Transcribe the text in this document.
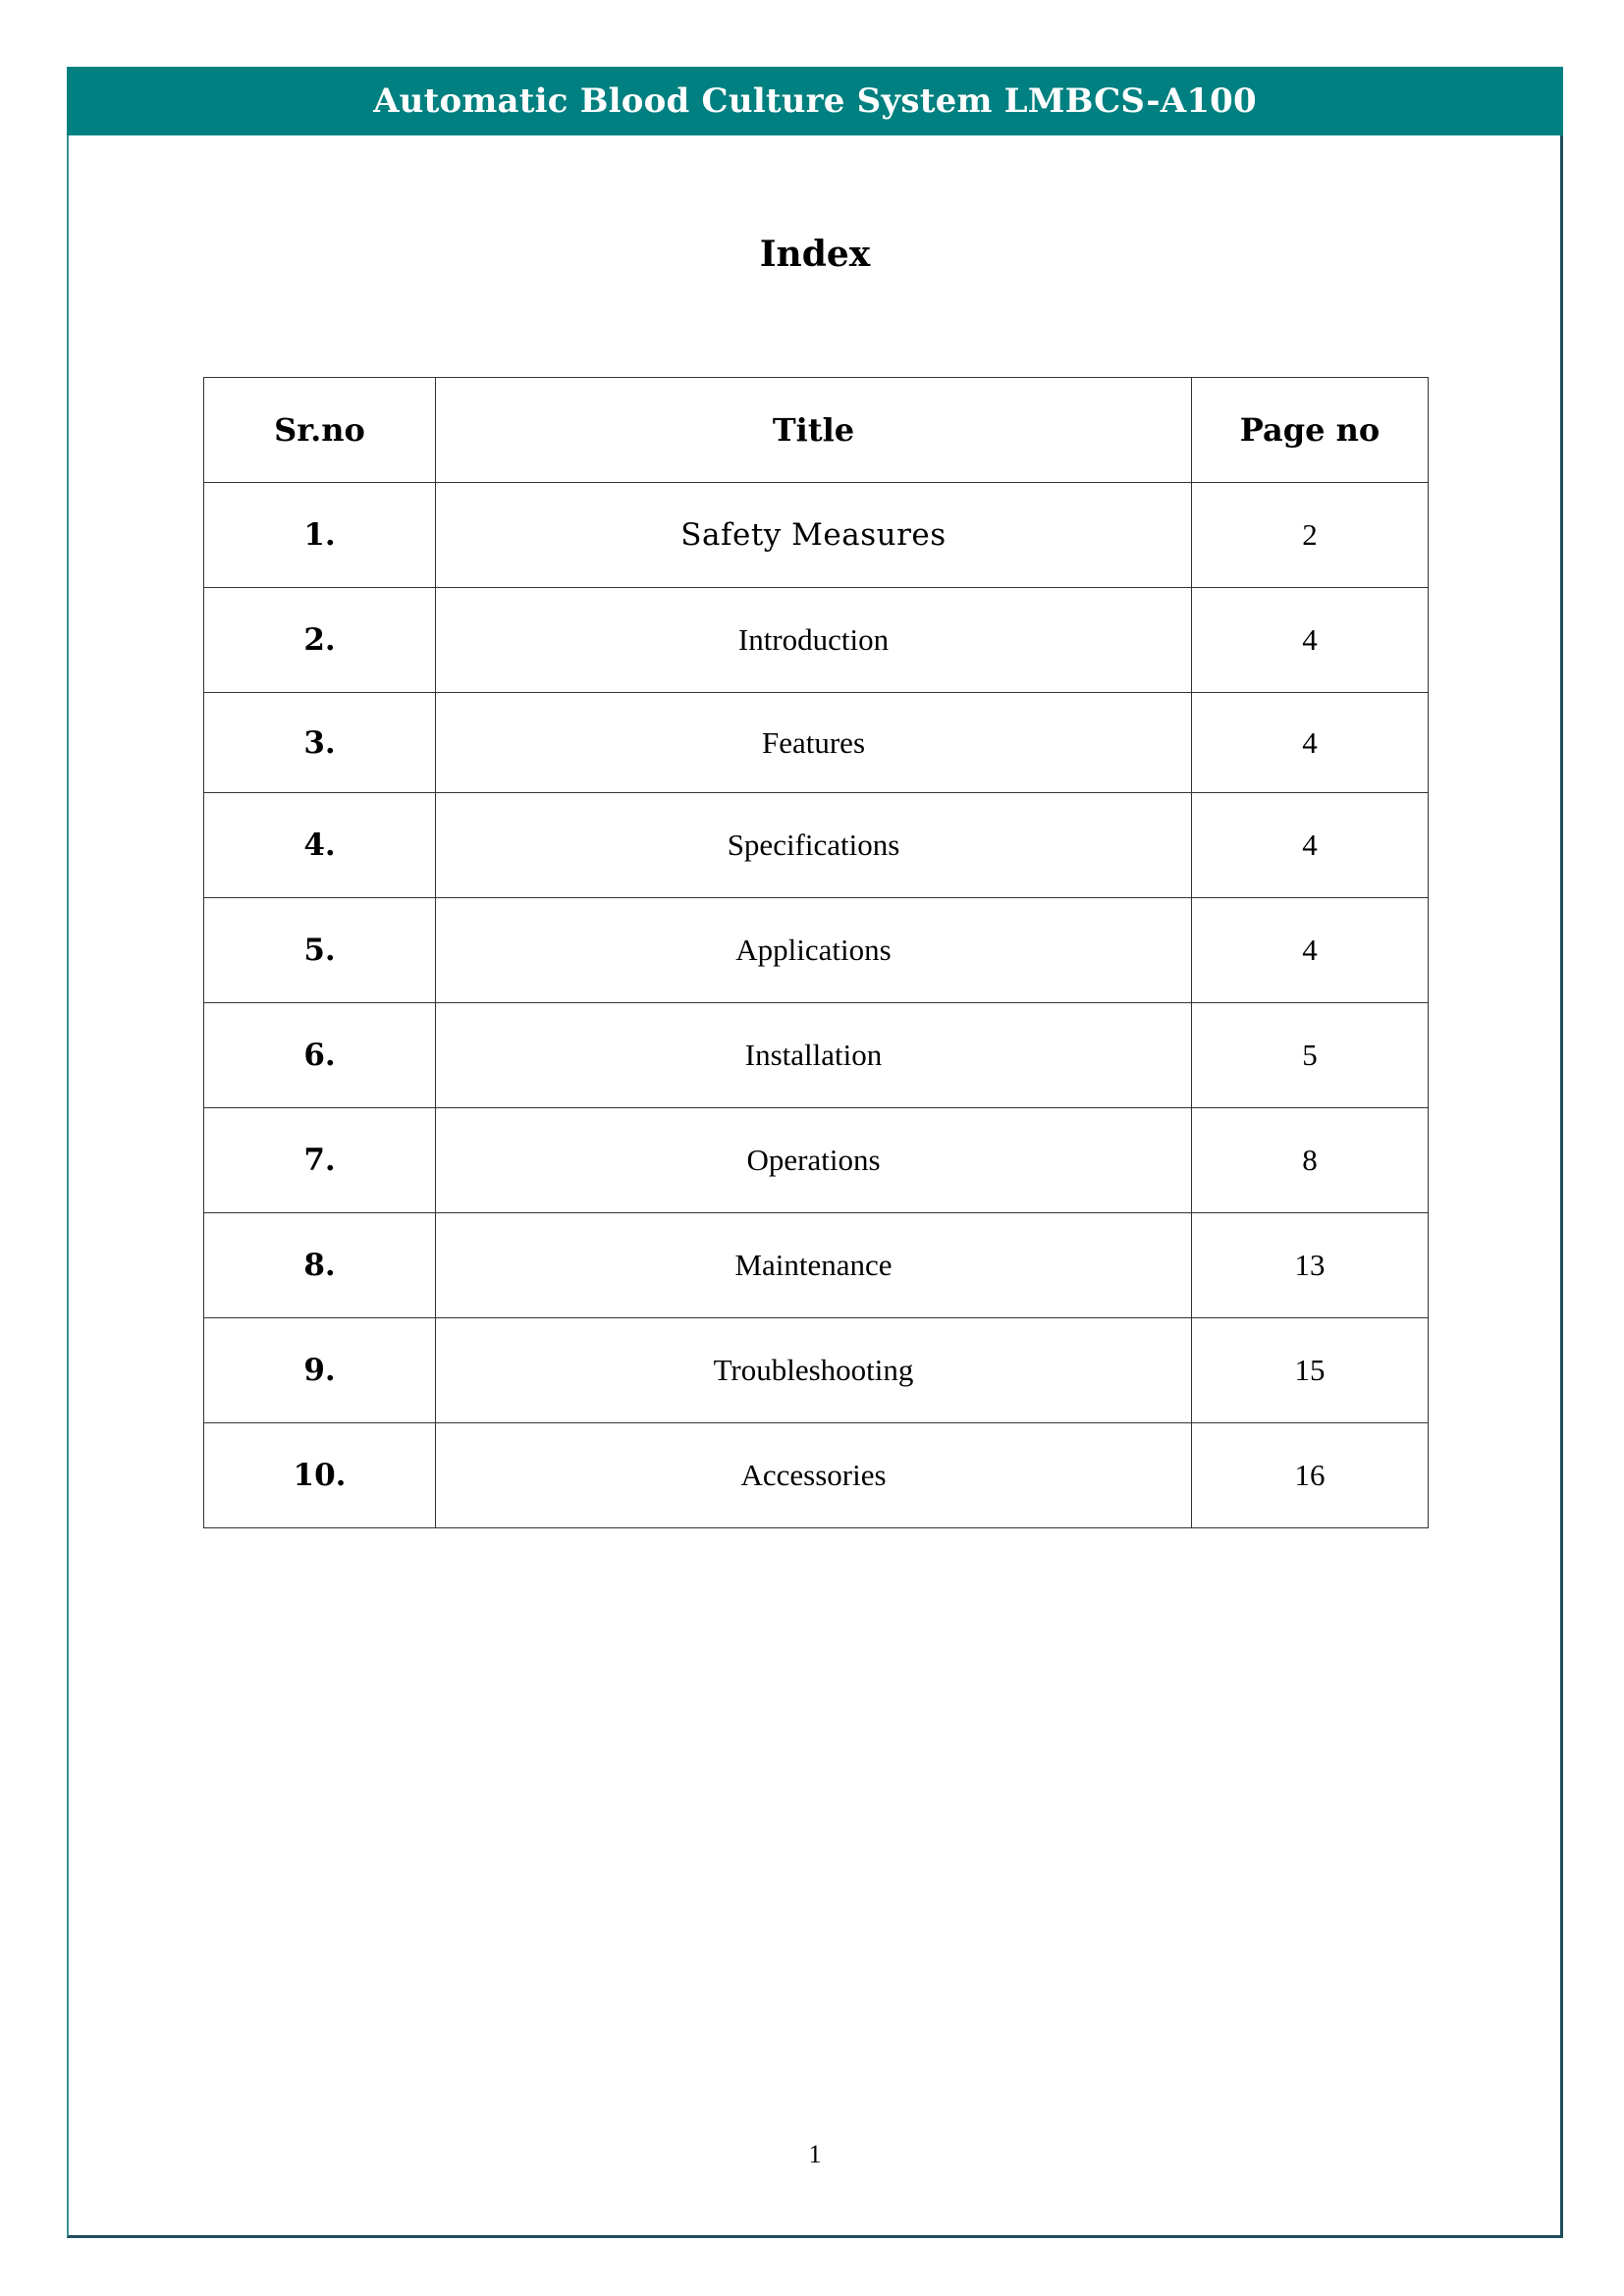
Automatic Blood Culture System LMBCS-A100
Index
Sr.no	Title	Page no
1.	Safety Measures	2
2.	Introduction	4
3.	Features	4
4.	Specifications	4
5.	Applications	4
6.	Installation	5
7.	Operations	8
8.	Maintenance	13
9.	Troubleshooting	15
10.	Accessories	16
1
